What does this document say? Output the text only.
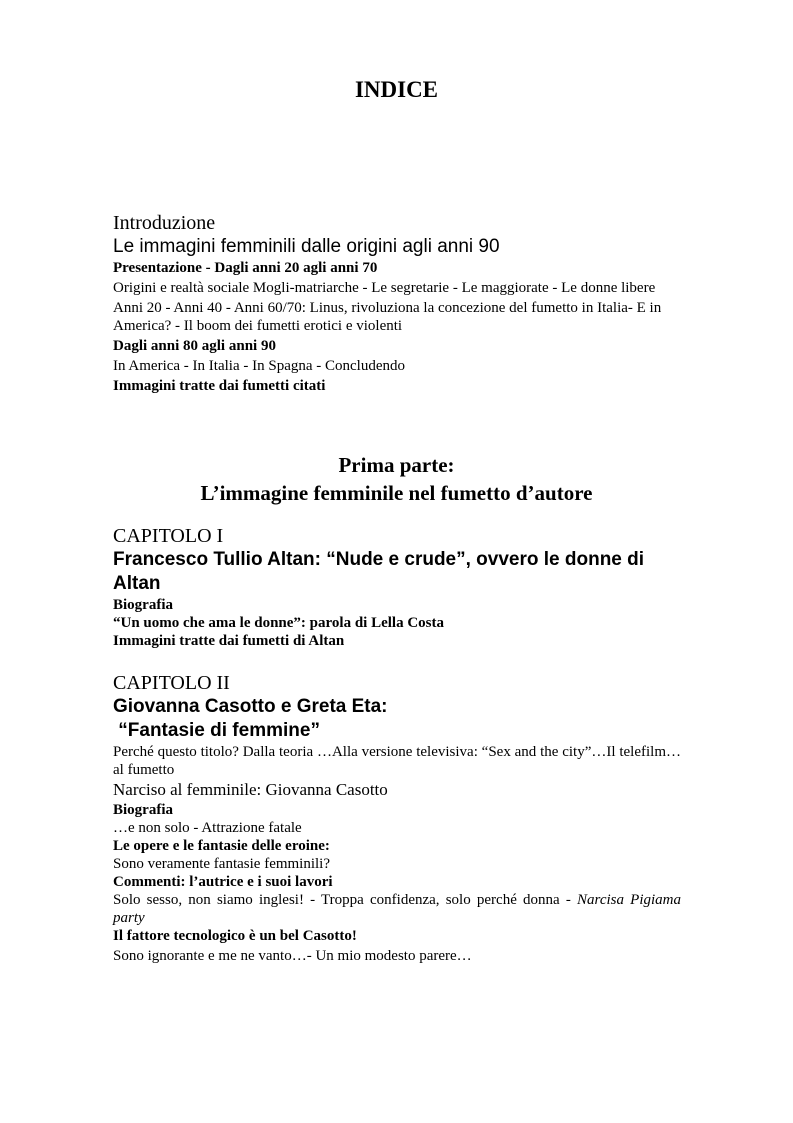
INDICE
Introduzione
Le immagini femminili dalle origini agli anni 90
Presentazione - Dagli anni 20 agli anni 70
Origini e realtà sociale Mogli-matriarche - Le segretarie - Le maggiorate - Le donne libere
Anni 20 - Anni 40 - Anni 60/70: Linus, rivoluziona la concezione del fumetto in Italia- E in America? - Il boom dei fumetti erotici e violenti
Dagli anni 80 agli anni 90
In America - In Italia - In Spagna - Concludendo
Immagini tratte dai fumetti citati
Prima parte:
L’immagine femminile nel fumetto d’autore
CAPITOLO I
Francesco Tullio Altan: “Nude e crude”, ovvero le donne di Altan
Biografia
“Un uomo che ama le donne”: parola di Lella Costa
Immagini tratte dai fumetti di Altan
CAPITOLO II
Giovanna Casotto e Greta Eta:
“Fantasie di femmine”
Perché questo titolo? Dalla teoria …Alla versione televisiva: “Sex and the city”…Il telefilm…al fumetto
Narciso al femminile: Giovanna Casotto
Biografia
…e non solo - Attrazione fatale
Le opere e le fantasie delle eroine:
Sono veramente fantasie femminili?
Commenti: l’autrice e i suoi lavori
Solo sesso, non siamo inglesi! - Troppa confidenza, solo perché donna - Narcisa Pigiama party
Il fattore tecnologico è un bel Casotto!
Sono ignorante e me ne vanto…- Un mio modesto parere…
